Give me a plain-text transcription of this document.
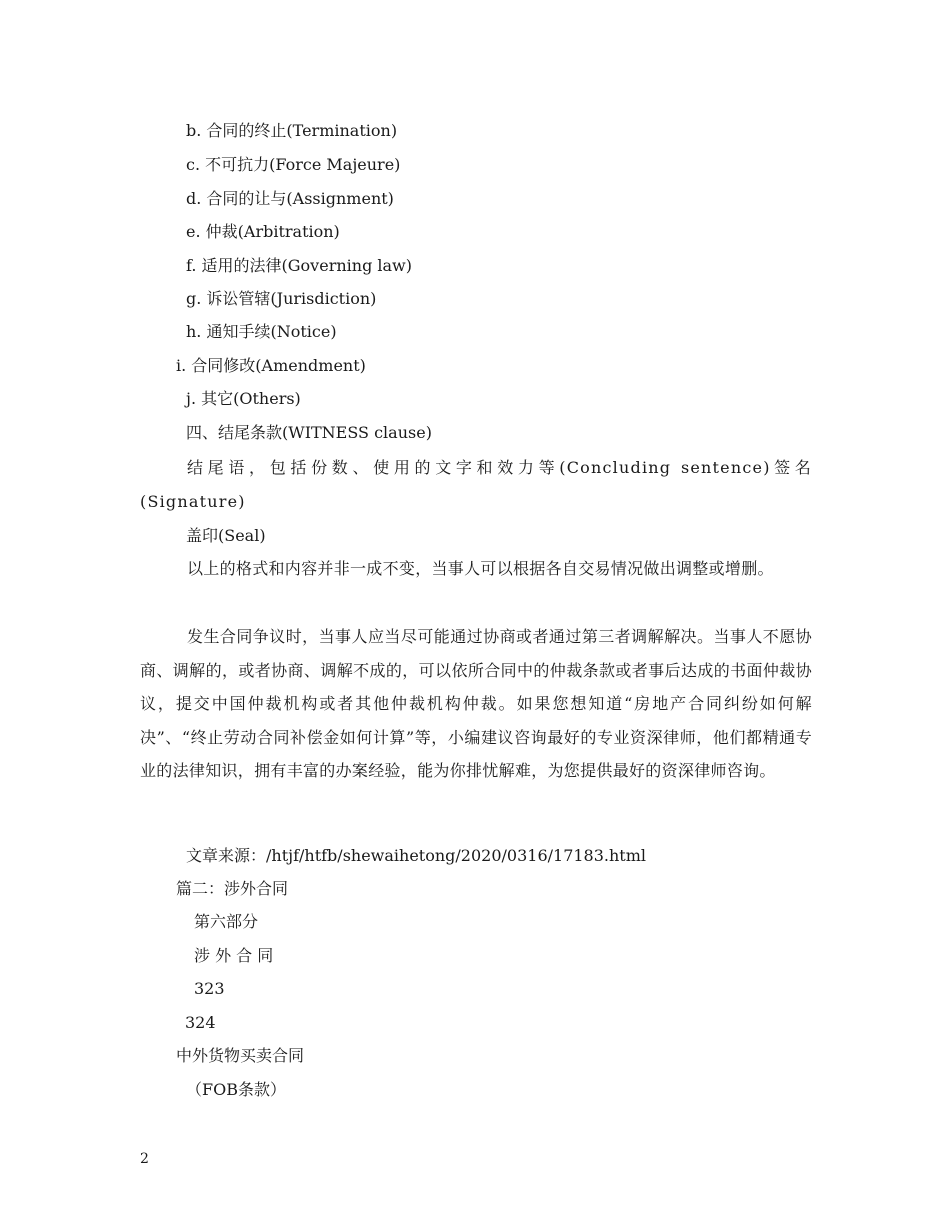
b. 合同的终止(Termination)
c. 不可抗力(Force Majeure)
d. 合同的让与(Assignment)
e. 仲裁(Arbitration)
f. 适用的法律(Governing law)
g. 诉讼管辖(Jurisdiction)
h. 通知手续(Notice)
i. 合同修改(Amendment)
j. 其它(Others)
四、结尾条款(WITNESS clause)
结尾语，包括份数、使用的文字和效力等(Concluding sentence)签名(Signature)
盖印(Seal)
以上的格式和内容并非一成不变，当事人可以根据各自交易情况做出调整或增删。
发生合同争议时，当事人应当尽可能通过协商或者通过第三者调解解决。当事人不愿协商、调解的，或者协商、调解不成的，可以依所合同中的仲裁条款或者事后达成的书面仲裁协议，提交中国仲裁机构或者其他仲裁机构仲裁。如果您想知道“房地产合同纠纷如何解决”、“终止劳动合同补偿金如何计算”等，小编建议咨询最好的专业资深律师，他们都精通专业的法律知识，拥有丰富的办案经验，能为你排忧解难，为您提供最好的资深律师咨询。
文章来源：/htjf/htfb/shewaihetong/2020/0316/17183.html
篇二：涉外合同
第六部分
涉 外 合 同
323
324
中外货物买卖合同
（FOB条款）
2
